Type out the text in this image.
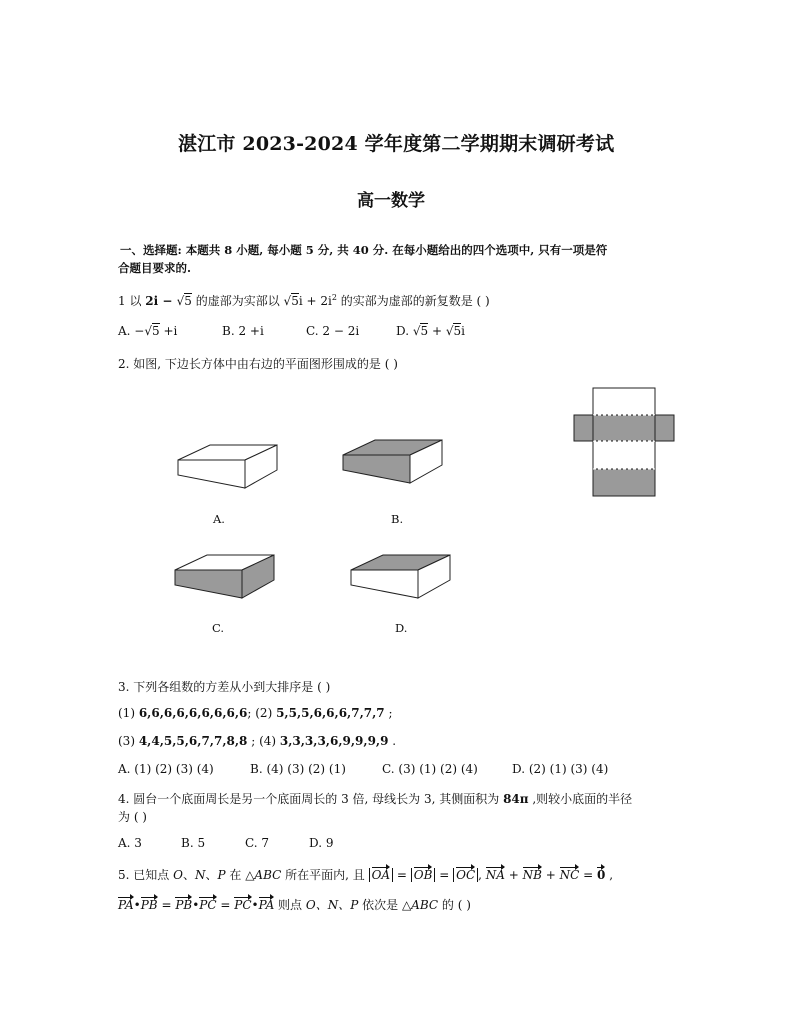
湛江市 2023-2024 学年度第二学期期末调研考试
高一数学
一、选择题: 本题共 8 小题, 每小题 5 分, 共 40 分. 在每小题给出的四个选项中, 只有一项是符
合题目要求的.
1 以 2i − √5 的虚部为实部以 $√5i + 2i^2$ 的实部为虚部的新复数是 ( )
A. −√5 +i	B. 2 +i	C. 2 − 2i	D. √5 + √5i
2. 如图, 下边长方体中由右边的平面图形围成的是 ( )
A.	B.
C.	D.
3. 下列各组数的方差从小到大排序是 ( )
(1) 6,6,6,6,6,6,6,6,6; (2) 5,5,5,6,6,6,7,7,7 ;
(3) 4,4,5,5,6,7,7,8,8 ; (4) 3,3,3,3,6,9,9,9,9 .
A. (1) (2) (3) (4)	B. (4) (3) (2) (1)	C. (3) (1) (2) (4)	D. (2) (1) (3) (4)
4. 圆台一个底面周长是另一个底面周长的 3 倍, 母线长为 3, 其侧面积为 84π ,则较小底面的半径
为 ( )
A. 3	B. 5	C. 7	D. 9
5. 已知点 O、N、P 在 △ABC 所在平面内, 且 OA = OB = OC , NA + NB + NC = 0 ,
PA•PB = PB•PC = PC•PA 则点 O、N、P 依次是 △ABC 的 ( )
